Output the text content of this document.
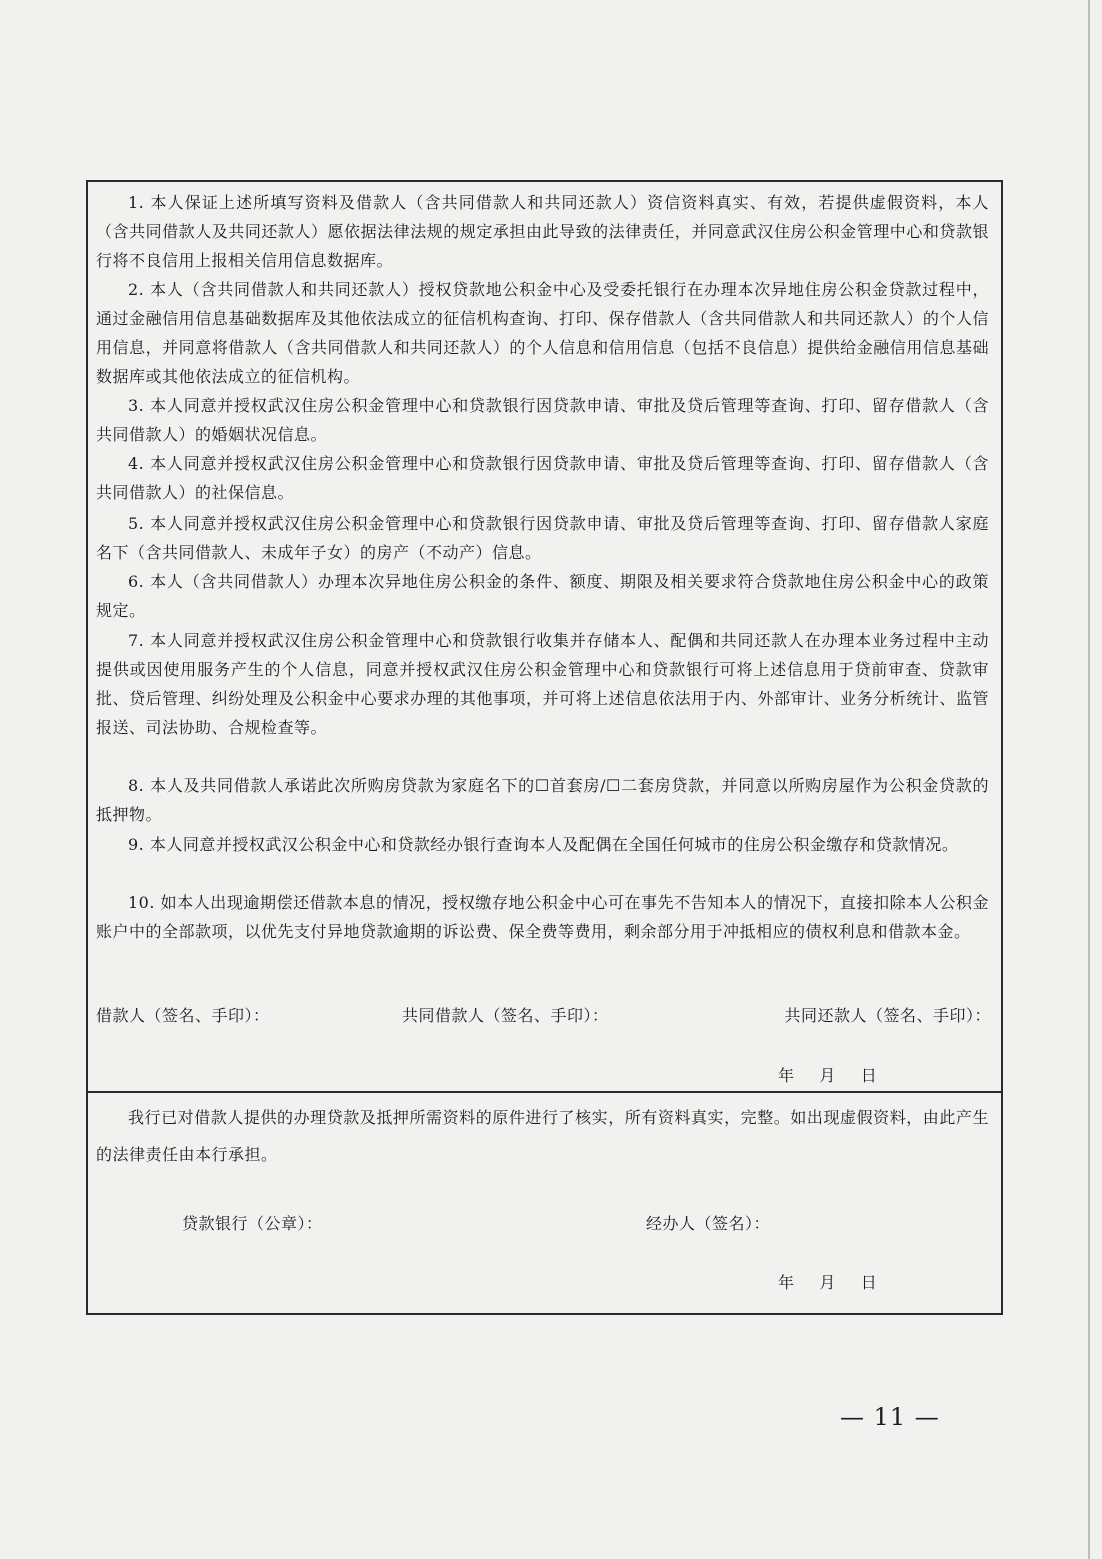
1. 本人保证上述所填写资料及借款人（含共同借款人和共同还款人）资信资料真实、有效，若提供虚假资料，本人（含共同借款人及共同还款人）愿依据法律法规的规定承担由此导致的法律责任，并同意武汉住房公积金管理中心和贷款银行将不良信用上报相关信用信息数据库。

2. 本人（含共同借款人和共同还款人）授权贷款地公积金中心及受委托银行在办理本次异地住房公积金贷款过程中，通过金融信用信息基础数据库及其他依法成立的征信机构查询、打印、保存借款人（含共同借款人和共同还款人）的个人信用信息，并同意将借款人（含共同借款人和共同还款人）的个人信息和信用信息（包括不良信息）提供给金融信用信息基础数据库或其他依法成立的征信机构。

3. 本人同意并授权武汉住房公积金管理中心和贷款银行因贷款申请、审批及贷后管理等查询、打印、留存借款人（含共同借款人）的婚姻状况信息。

4. 本人同意并授权武汉住房公积金管理中心和贷款银行因贷款申请、审批及贷后管理等查询、打印、留存借款人（含共同借款人）的社保信息。

5. 本人同意并授权武汉住房公积金管理中心和贷款银行因贷款申请、审批及贷后管理等查询、打印、留存借款人家庭名下（含共同借款人、未成年子女）的房产（不动产）信息。

6. 本人（含共同借款人）办理本次异地住房公积金的条件、额度、期限及相关要求符合贷款地住房公积金中心的政策规定。

7. 本人同意并授权武汉住房公积金管理中心和贷款银行收集并存储本人、配偶和共同还款人在办理本业务过程中主动提供或因使用服务产生的个人信息，同意并授权武汉住房公积金管理中心和贷款银行可将上述信息用于贷前审查、贷款审批、贷后管理、纠纷处理及公积金中心要求办理的其他事项，并可将上述信息依法用于内、外部审计、业务分析统计、监管报送、司法协助、合规检查等。

8. 本人及共同借款人承诺此次所购房贷款为家庭名下的☐首套房/☐二套房贷款，并同意以所购房屋作为公积金贷款的抵押物。

9. 本人同意并授权武汉公积金中心和贷款经办银行查询本人及配偶在全国任何城市的住房公积金缴存和贷款情况。

10. 如本人出现逾期偿还借款本息的情况，授权缴存地公积金中心可在事先不告知本人的情况下，直接扣除本人公积金账户中的全部款项，以优先支付异地贷款逾期的诉讼费、保全费等费用，剩余部分用于冲抵相应的债权利息和借款本金。

借款人（签名、手印）：	共同借款人（签名、手印）：	共同还款人（签名、手印）：
年    月    日

我行已对借款人提供的办理贷款及抵押所需资料的原件进行了核实，所有资料真实，完整。如出现虚假资料，由此产生的法律责任由本行承担。

贷款银行（公章）：	经办人（签名）：
年    月    日
— 11 —
